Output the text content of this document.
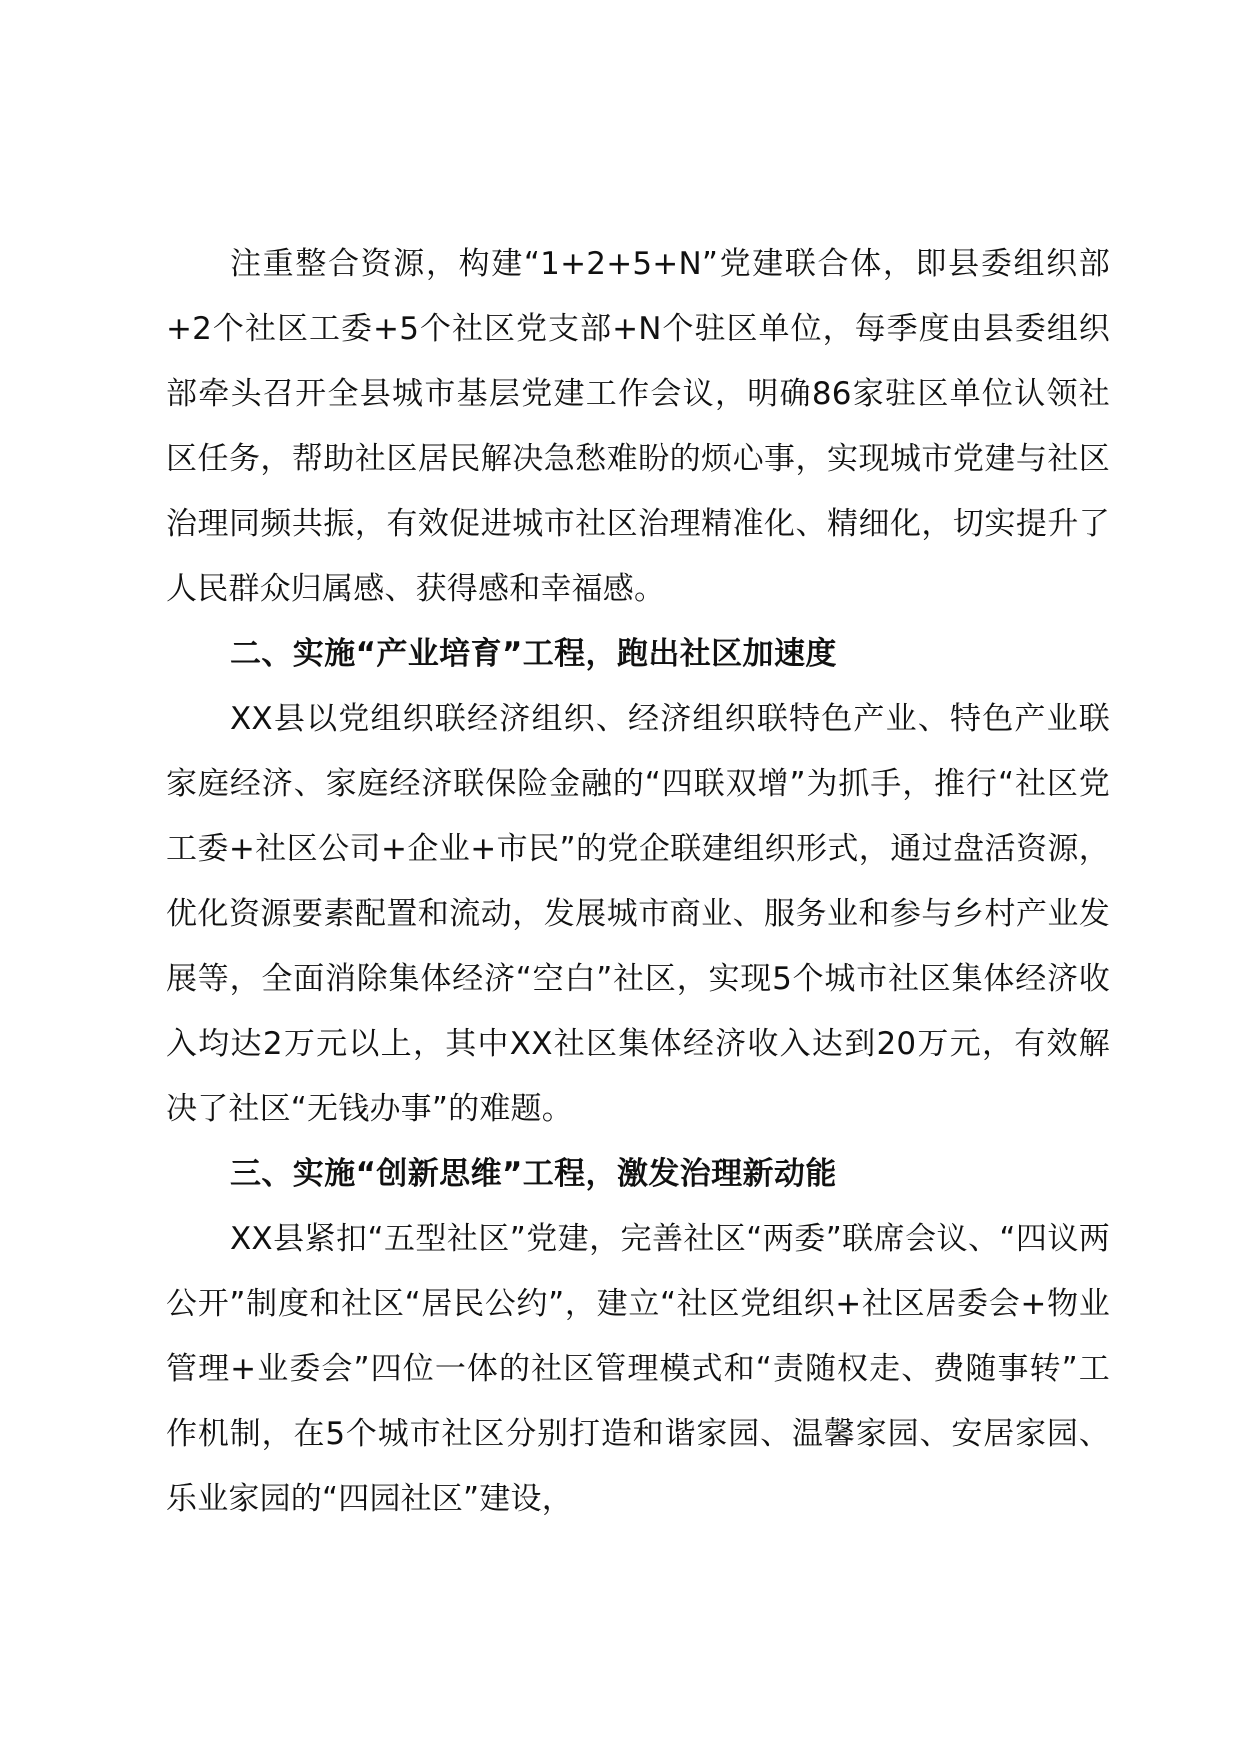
注重整合资源，构建“1+2+5+N”党建联合体，即县委组织部+2个社区工委+5个社区党支部+N个驻区单位，每季度由县委组织部牵头召开全县城市基层党建工作会议，明确86家驻区单位认领社区任务，帮助社区居民解决急愁难盼的烦心事，实现城市党建与社区治理同频共振，有效促进城市社区治理精准化、精细化，切实提升了人民群众归属感、获得感和幸福感。

二、实施“产业培育”工程，跑出社区加速度

XX县以党组织联经济组织、经济组织联特色产业、特色产业联家庭经济、家庭经济联保险金融的“四联双增”为抓手，推行“社区党工委+社区公司+企业+市民”的党企联建组织形式，通过盘活资源，优化资源要素配置和流动，发展城市商业、服务业和参与乡村产业发展等，全面消除集体经济“空白”社区，实现5个城市社区集体经济收入均达2万元以上，其中XX社区集体经济收入达到20万元，有效解决了社区“无钱办事”的难题。

三、实施“创新思维”工程，激发治理新动能

XX县紧扣“五型社区”党建，完善社区“两委”联席会议、“四议两公开”制度和社区“居民公约”，建立“社区党组织+社区居委会+物业管理+业委会”四位一体的社区管理模式和“责随权走、费随事转”工作机制，在5个城市社区分别打造和谐家园、温馨家园、安居家园、乐业家园的“四园社区”建设，
